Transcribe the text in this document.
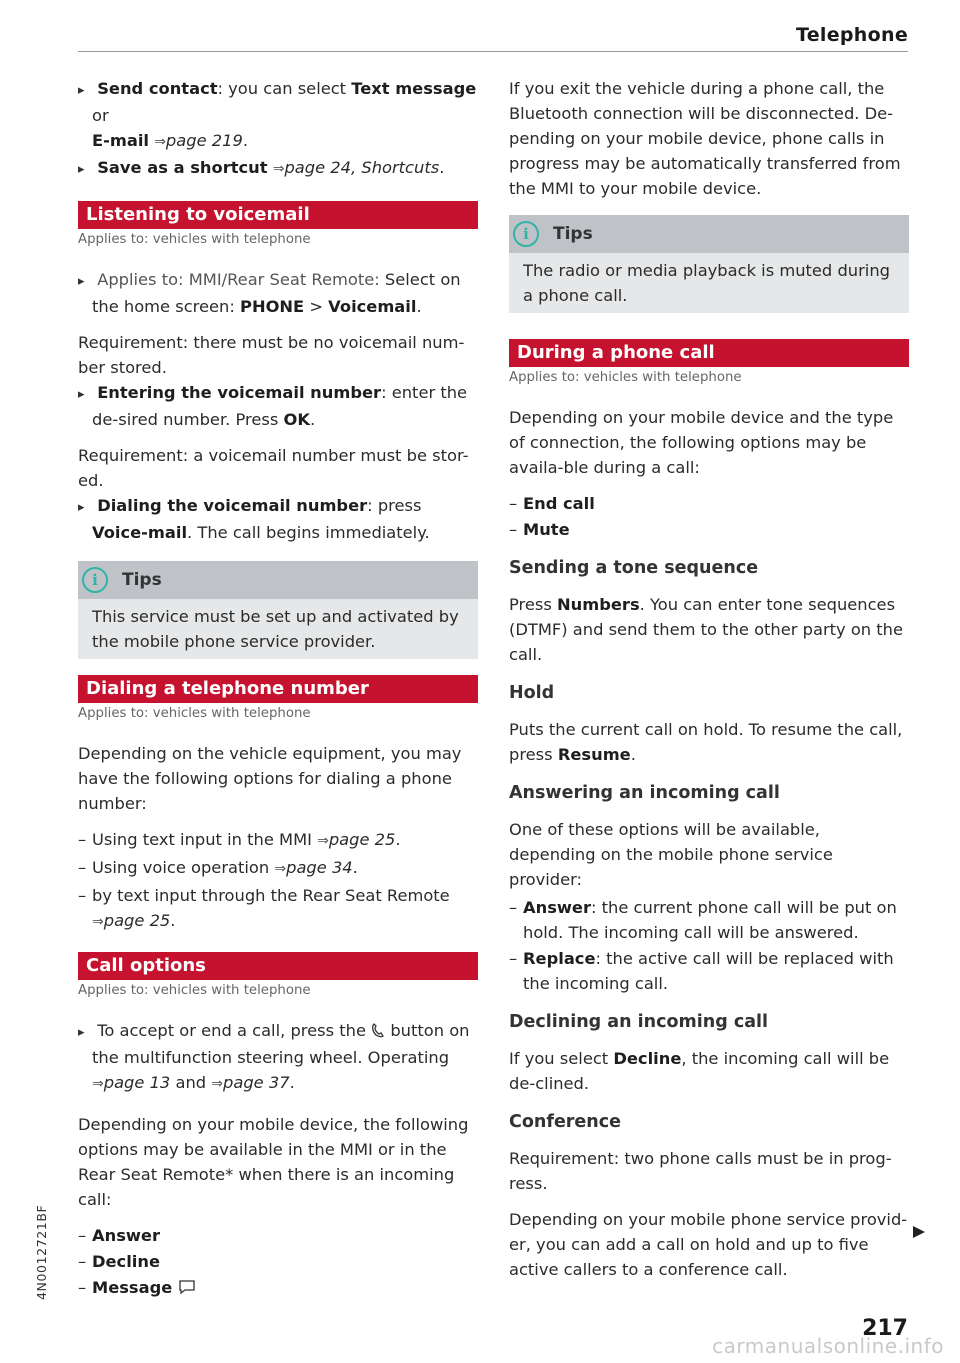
Telephone

▸ Send contact: you can select Text message or
E-mail ⇒page 219.

▸ Save as a shortcut ⇒page 24, Shortcuts.

Listening to voicemail
Applies to: vehicles with telephone

▸ Applies to: MMI/Rear Seat Remote: Select on the home screen: PHONE > Voicemail.

Requirement: there must be no voicemail num-ber stored.

▸ Entering the voicemail number: enter the de-sired number. Press OK.

Requirement: a voicemail number must be stor-ed.

▸ Dialing the voicemail number: press Voice-mail. The call begins immediately.

i	Tips

This service must be set up and activated by the mobile phone service provider.

Dialing a telephone number
Applies to: vehicles with telephone

Depending on the vehicle equipment, you may have the following options for dialing a phone number:

– Using text input in the MMI ⇒page 25.

– Using voice operation ⇒page 34.

– by text input through the Rear Seat Remote ⇒page 25.

Call options
Applies to: vehicles with telephone

▸ To accept or end a call, press the  button on the multifunction steering wheel. Operating ⇒page 13 and ⇒page 37.

Depending on your mobile device, the following options may be available in the MMI or in the Rear Seat Remote* when there is an incoming call:

– Answer

– Decline

– Message

If you exit the vehicle during a phone call, the Bluetooth connection will be disconnected. De-pending on your mobile device, phone calls in progress may be automatically transferred from the MMI to your mobile device.

i	Tips

The radio or media playback is muted during a phone call.

During a phone call
Applies to: vehicles with telephone

Depending on your mobile device and the type of connection, the following options may be availa-ble during a call:

– End call

– Mute

Sending a tone sequence

Press Numbers. You can enter tone sequences (DTMF) and send them to the other party on the call.

Hold

Puts the current call on hold. To resume the call, press Resume.

Answering an incoming call

One of these options will be available, depending on the mobile phone service provider:

– Answer: the current phone call will be put on hold. The incoming call will be answered.

– Replace: the active call will be replaced with the incoming call.

Declining an incoming call

If you select Decline, the incoming call will be de-clined.

Conference

Requirement: two phone calls must be in prog-ress.

Depending on your mobile phone service provid-er, you can add a call on hold and up to five active callers to a conference call.

4N0012721BF
217
carmanualsonline.info
